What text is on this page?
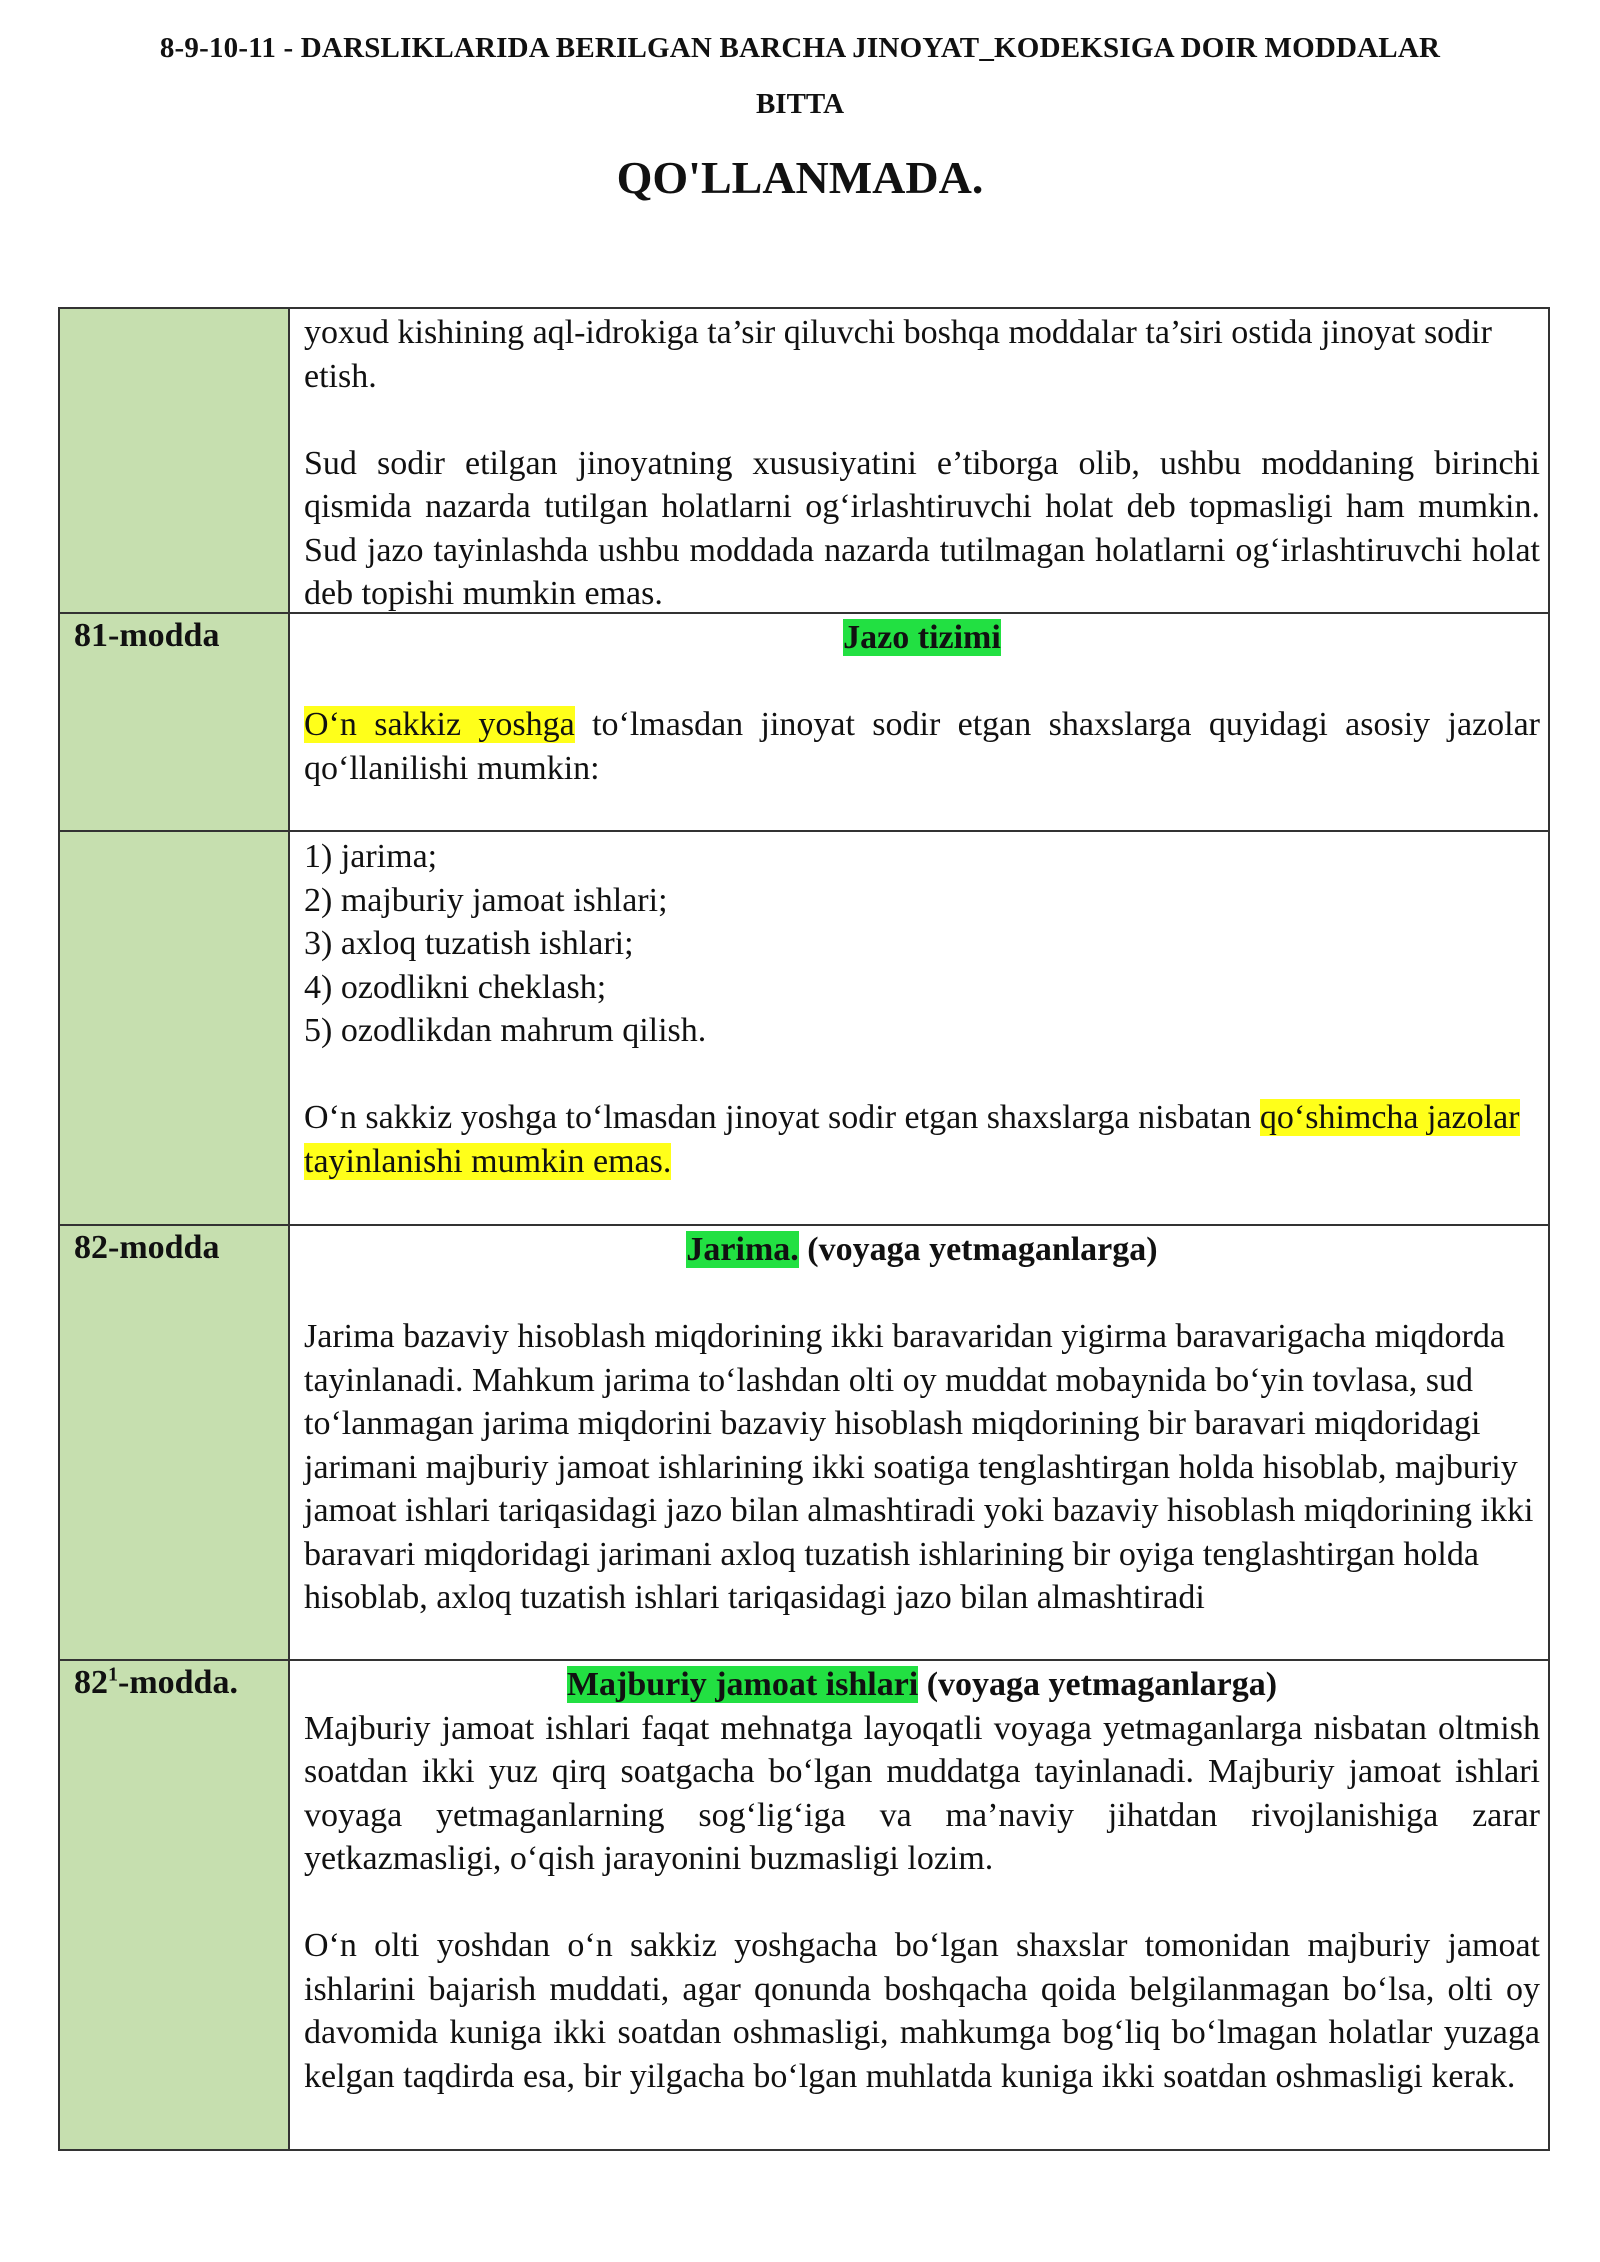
8-9-10-11 - DARSLIKLARIDA BERILGAN BARCHA JINOYAT_KODEKSIGA DOIR MODDALAR
BITTA
QO'LLANMADA.

yoxud kishining aql-idrokiga ta’sir qiluvchi boshqa moddalar ta’siri ostida jinoyat sodir etish.

Sud sodir etilgan jinoyatning xususiyatini e’tiborga olib, ushbu moddaning birinchi qismida nazarda tutilgan holatlarni og‘irlashtiruvchi holat deb topmasligi ham mumkin. Sud jazo tayinlashda ushbu moddada nazarda tutilmagan holatlarni og‘irlashtiruvchi holat deb topishi mumkin emas.

81-modda	Jazo tizimi

O‘n sakkiz yoshga to‘lmasdan jinoyat sodir etgan shaxslarga quyidagi asosiy jazolar qo‘llanilishi mumkin:

1) jarima;
2) majburiy jamoat ishlari;
3) axloq tuzatish ishlari;
4) ozodlikni cheklash;
5) ozodlikdan mahrum qilish.

O‘n sakkiz yoshga to‘lmasdan jinoyat sodir etgan shaxslarga nisbatan qo‘shimcha jazolar tayinlanishi mumkin emas.

82-modda	Jarima. (voyaga yetmaganlarga)

Jarima bazaviy hisoblash miqdorining ikki baravaridan yigirma baravarigacha miqdorda tayinlanadi. Mahkum jarima to‘lashdan olti oy muddat mobaynida bo‘yin tovlasa, sud to‘lanmagan jarima miqdorini bazaviy hisoblash miqdorining bir baravari miqdoridagi jarimani majburiy jamoat ishlarining ikki soatiga tenglashtirgan holda hisoblab, majburiy jamoat ishlari tariqasidagi jazo bilan almashtiradi yoki bazaviy hisoblash miqdorining ikki baravari miqdoridagi jarimani axloq tuzatish ishlarining bir oyiga tenglashtirgan holda hisoblab, axloq tuzatish ishlari tariqasidagi jazo bilan almashtiradi

$82^1$-modda.	Majburiy jamoat ishlari (voyaga yetmaganlarga)

Majburiy jamoat ishlari faqat mehnatga layoqatli voyaga yetmaganlarga nisbatan oltmish soatdan ikki yuz qirq soatgacha bo‘lgan muddatga tayinlanadi. Majburiy jamoat ishlari voyaga yetmaganlarning sog‘lig‘iga va ma’naviy jihatdan rivojlanishiga zarar yetkazmasligi, o‘qish jarayonini buzmasligi lozim.

O‘n olti yoshdan o‘n sakkiz yoshgacha bo‘lgan shaxslar tomonidan majburiy jamoat ishlarini bajarish muddati, agar qonunda boshqacha qoida belgilanmagan bo‘lsa, olti oy davomida kuniga ikki soatdan oshmasligi, mahkumga bog‘liq bo‘lmagan holatlar yuzaga kelgan taqdirda esa, bir yilgacha bo‘lgan muhlatda kuniga ikki soatdan oshmasligi kerak.
